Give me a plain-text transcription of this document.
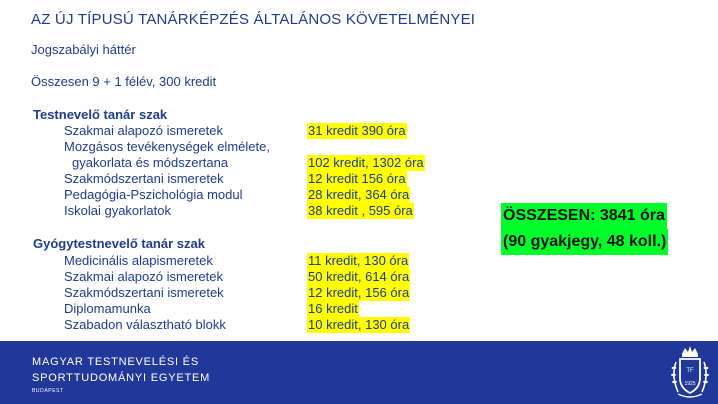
AZ ÚJ TÍPUSÚ TANÁRKÉPZÉS ÁLTALÁNOS KÖVETELMÉNYEI
Jogszabályi háttér
Összesen 9 + 1 félév, 300 kredit
Testnevelő tanár szak
Szakmai alapozó ismeretek	31 kredit 390 óra
Mozgásos tevékenységek elmélete,
gyakorlata és módszertana	102 kredit, 1302 óra
Szakmódszertani ismeretek	12 kredit 156 óra
Pedagógia-Pszichológia modul	28 kredit, 364 óra
Iskolai gyakorlatok	38 kredit , 595 óra
Gyógytestnevelő tanár szak
Medicinális alapismeretek	11 kredit, 130 óra
Szakmai alapozó ismeretek	50 kredit, 614 óra
Szakmódszertani ismeretek	12 kredit, 156 óra
Diplomamunka	16 kredit
Szabadon választható blokk	10 kredit, 130 óra
ÖSSZESEN: 3841 óra
(90 gyakjegy, 48 koll.)
MAGYAR TESTNEVELÉSI ÉS
SPORTTUDOMÁNYI EGYETEM
BUDAPEST
TF
1925
